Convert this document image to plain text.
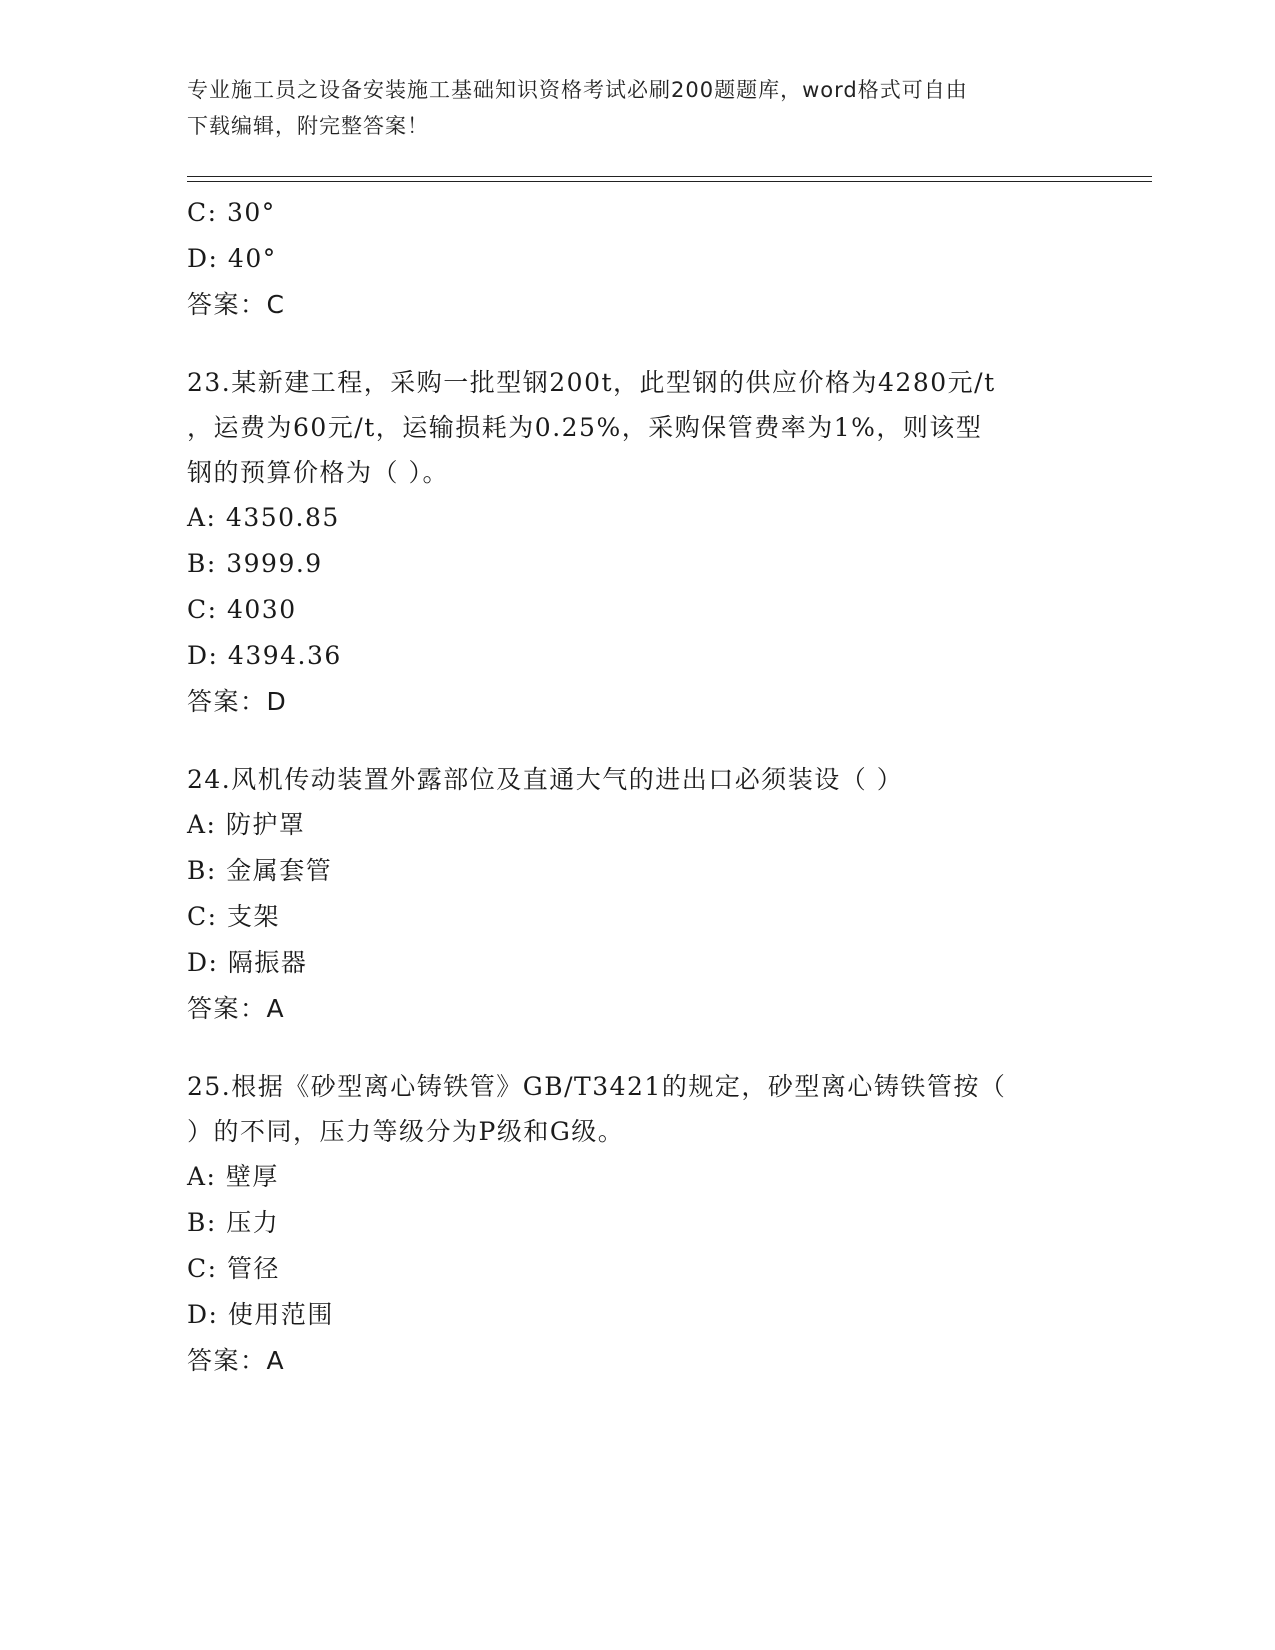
专业施工员之设备安装施工基础知识资格考试必刷200题题库，word格式可自由
下载编辑，附完整答案！
C: 30°
D: 40°
答案：C
23.某新建工程，采购一批型钢200t，此型钢的供应价格为4280元/t
，运费为60元/t，运输损耗为0.25%，采购保管费率为1%，则该型
钢的预算价格为（ ）。
A: 4350.85
B: 3999.9
C: 4030
D: 4394.36
答案：D
24.风机传动装置外露部位及直通大气的进出口必须装设（ ）
A: 防护罩
B: 金属套管
C: 支架
D: 隔振器
答案：A
25.根据《砂型离心铸铁管》GB/T3421的规定，砂型离心铸铁管按（
）的不同，压力等级分为P级和G级。
A: 壁厚
B: 压力
C: 管径
D: 使用范围
答案：A
